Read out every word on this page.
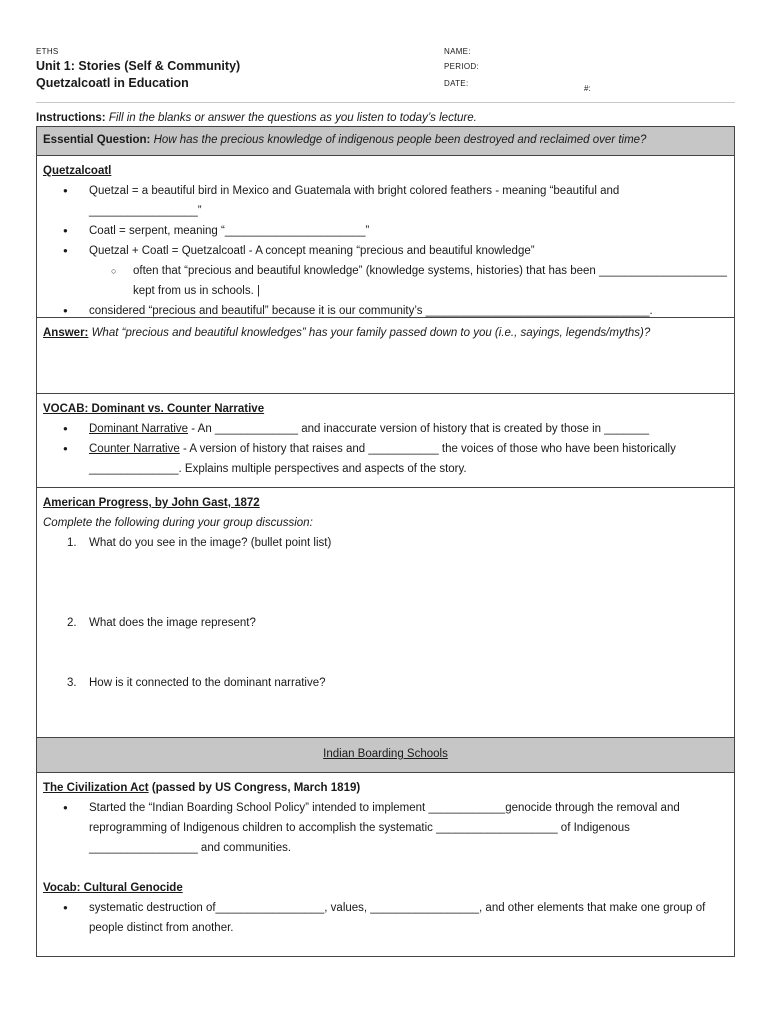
ETHS
Unit 1: Stories (Self & Community)
Quetzalcoatl in Education
NAME:
PERIOD:
DATE:
#:
Instructions: Fill in the blanks or answer the questions as you listen to today’s lecture.
Essential Question: How has the precious knowledge of indigenous people been destroyed and reclaimed over time?
Quetzalcoatl
● Quetzal = a beautiful bird in Mexico and Guatemala with bright colored feathers - meaning “beautiful and _________________”
● Coatl = serpent, meaning “______________________”
● Quetzal + Coatl = Quetzalcoatl - A concept meaning “precious and beautiful knowledge”
○ often that “precious and beautiful knowledge” (knowledge systems, histories) that has been ____________________ kept from us in schools. |
● considered “precious and beautiful” because it is our community’s ___________________________________.
Answer: What “precious and beautiful knowledges” has your family passed down to you (i.e., sayings, legends/myths)?
VOCAB: Dominant vs. Counter Narrative
● Dominant Narrative - An _____________ and inaccurate version of history that is created by those in _______
● Counter Narrative - A version of history that raises and ___________ the voices of those who have been historically ______________. Explains multiple perspectives and aspects of the story.
American Progress, by John Gast, 1872
Complete the following during your group discussion:
1. What do you see in the image? (bullet point list)
2. What does the image represent?
3. How is it connected to the dominant narrative?
Indian Boarding Schools
The Civilization Act (passed by US Congress, March 1819)
● Started the “Indian Boarding School Policy” intended to implement ____________genocide through the removal and reprogramming of Indigenous children to accomplish the systematic ___________________ of Indigenous _________________ and communities.
Vocab: Cultural Genocide
● systematic destruction of_________________, values, _________________, and other elements that make one group of people distinct from another.
